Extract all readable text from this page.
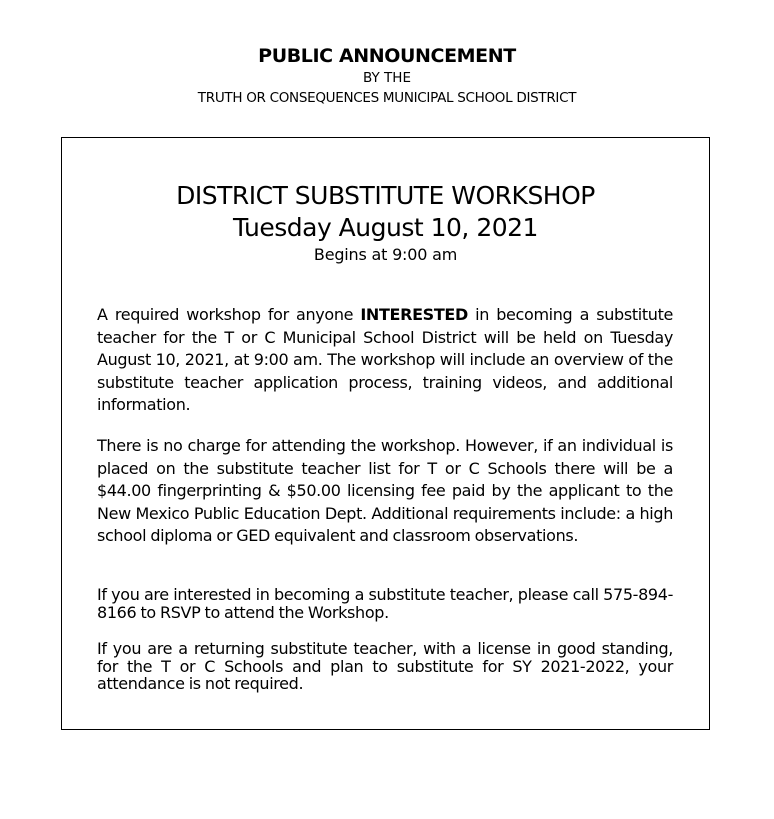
PUBLIC ANNOUNCEMENT
BY THE
TRUTH OR CONSEQUENCES MUNICIPAL SCHOOL DISTRICT
DISTRICT SUBSTITUTE WORKSHOP
Tuesday August 10, 2021
Begins at 9:00 am
A required workshop for anyone INTERESTED in becoming a substitute teacher for the T or C Municipal School District will be held on Tuesday August 10, 2021, at 9:00 am. The workshop will include an overview of the substitute teacher application process, training videos, and additional information.
There is no charge for attending the workshop. However, if an individual is placed on the substitute teacher list for T or C Schools there will be a $44.00 fingerprinting & $50.00 licensing fee paid by the applicant to the New Mexico Public Education Dept. Additional requirements include: a high school diploma or GED equivalent and classroom observations.
If you are interested in becoming a substitute teacher, please call 575-894-8166 to RSVP to attend the Workshop.
If you are a returning substitute teacher, with a license in good standing, for the T or C Schools and plan to substitute for SY 2021-2022, your attendance is not required.
